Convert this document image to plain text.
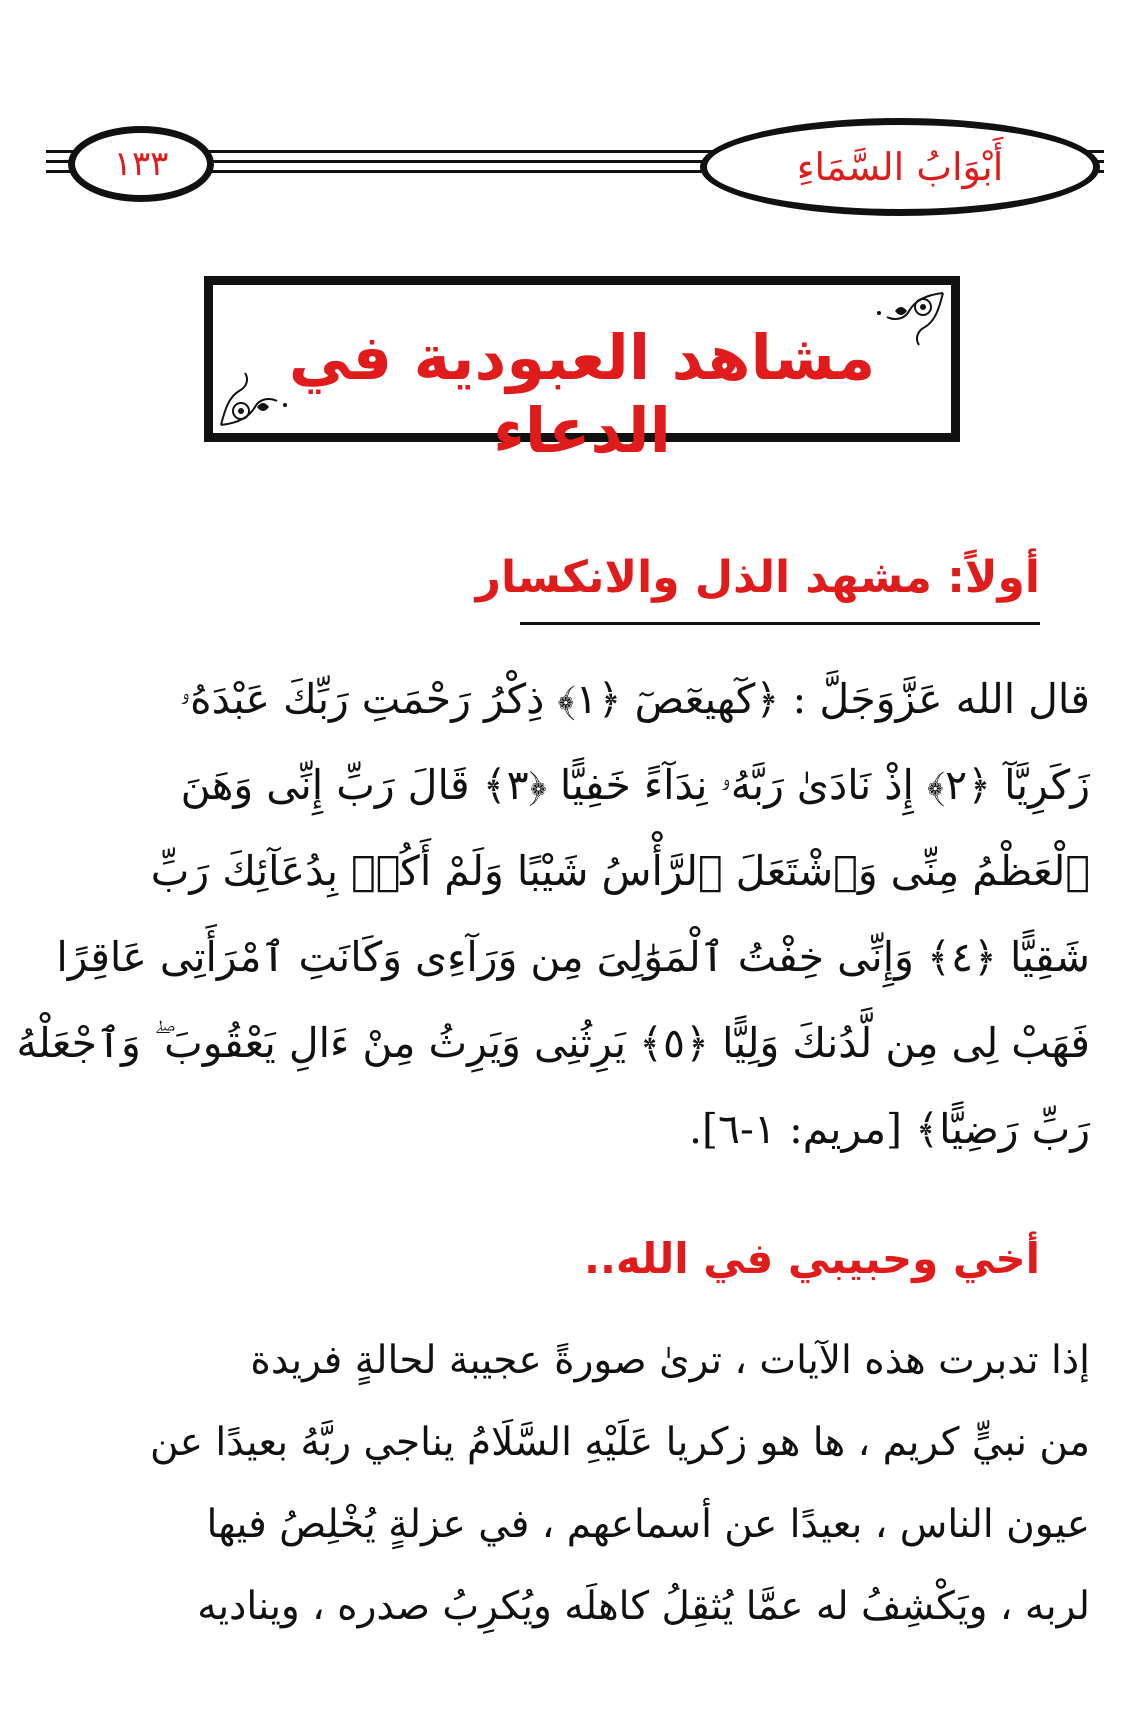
أَبْوَابُ السَّمَاءِ
١٣٣
مشاهد العبودية في الدعاء
أولاً: مشهد الذل والانكسار
قال الله عَزَّوَجَلَّ : ﴿كٓهيعٓصٓ ﴿١﴾ ذِكْرُ رَحْمَتِ رَبِّكَ عَبْدَهُۥ
زَكَرِيَّآ ﴿٢﴾ إِذْ نَادَىٰ رَبَّهُۥ نِدَآءً خَفِيًّا ﴿٣﴾ قَالَ رَبِّ إِنِّى وَهَنَ
ٱلْعَظْمُ مِنِّى وَٱشْتَعَلَ ٱلرَّأْسُ شَيْبًا وَلَمْ أَكُنۢ بِدُعَآئِكَ رَبِّ
شَقِيًّا ﴿٤﴾ وَإِنِّى خِفْتُ ٱلْمَوَٰلِىَ مِن وَرَآءِى وَكَانَتِ ٱمْرَأَتِى عَاقِرًا
فَهَبْ لِى مِن لَّدُنكَ وَلِيًّا ﴿٥﴾ يَرِثُنِى وَيَرِثُ مِنْ ءَالِ يَعْقُوبَ ۖ وَٱجْعَلْهُ
رَبِّ رَضِيًّا﴾ [مريم: ١-٦].
أخي وحبيبي في الله..
إذا تدبرت هذه الآيات ، ترىٰ صورةً عجيبة لحالةٍ فريدة
من نبيٍّ كريم ، ها هو زكريا عَلَيْهِ السَّلَامُ يناجي ربَّهُ بعيدًا عن
عيون الناس ، بعيدًا عن أسماعهم ، في عزلةٍ يُخْلِصُ فيها
لربه ، ويَكْشِفُ له عمَّا يُثقِلُ كاهلَه ويُكرِبُ صدره ، ويناديه
